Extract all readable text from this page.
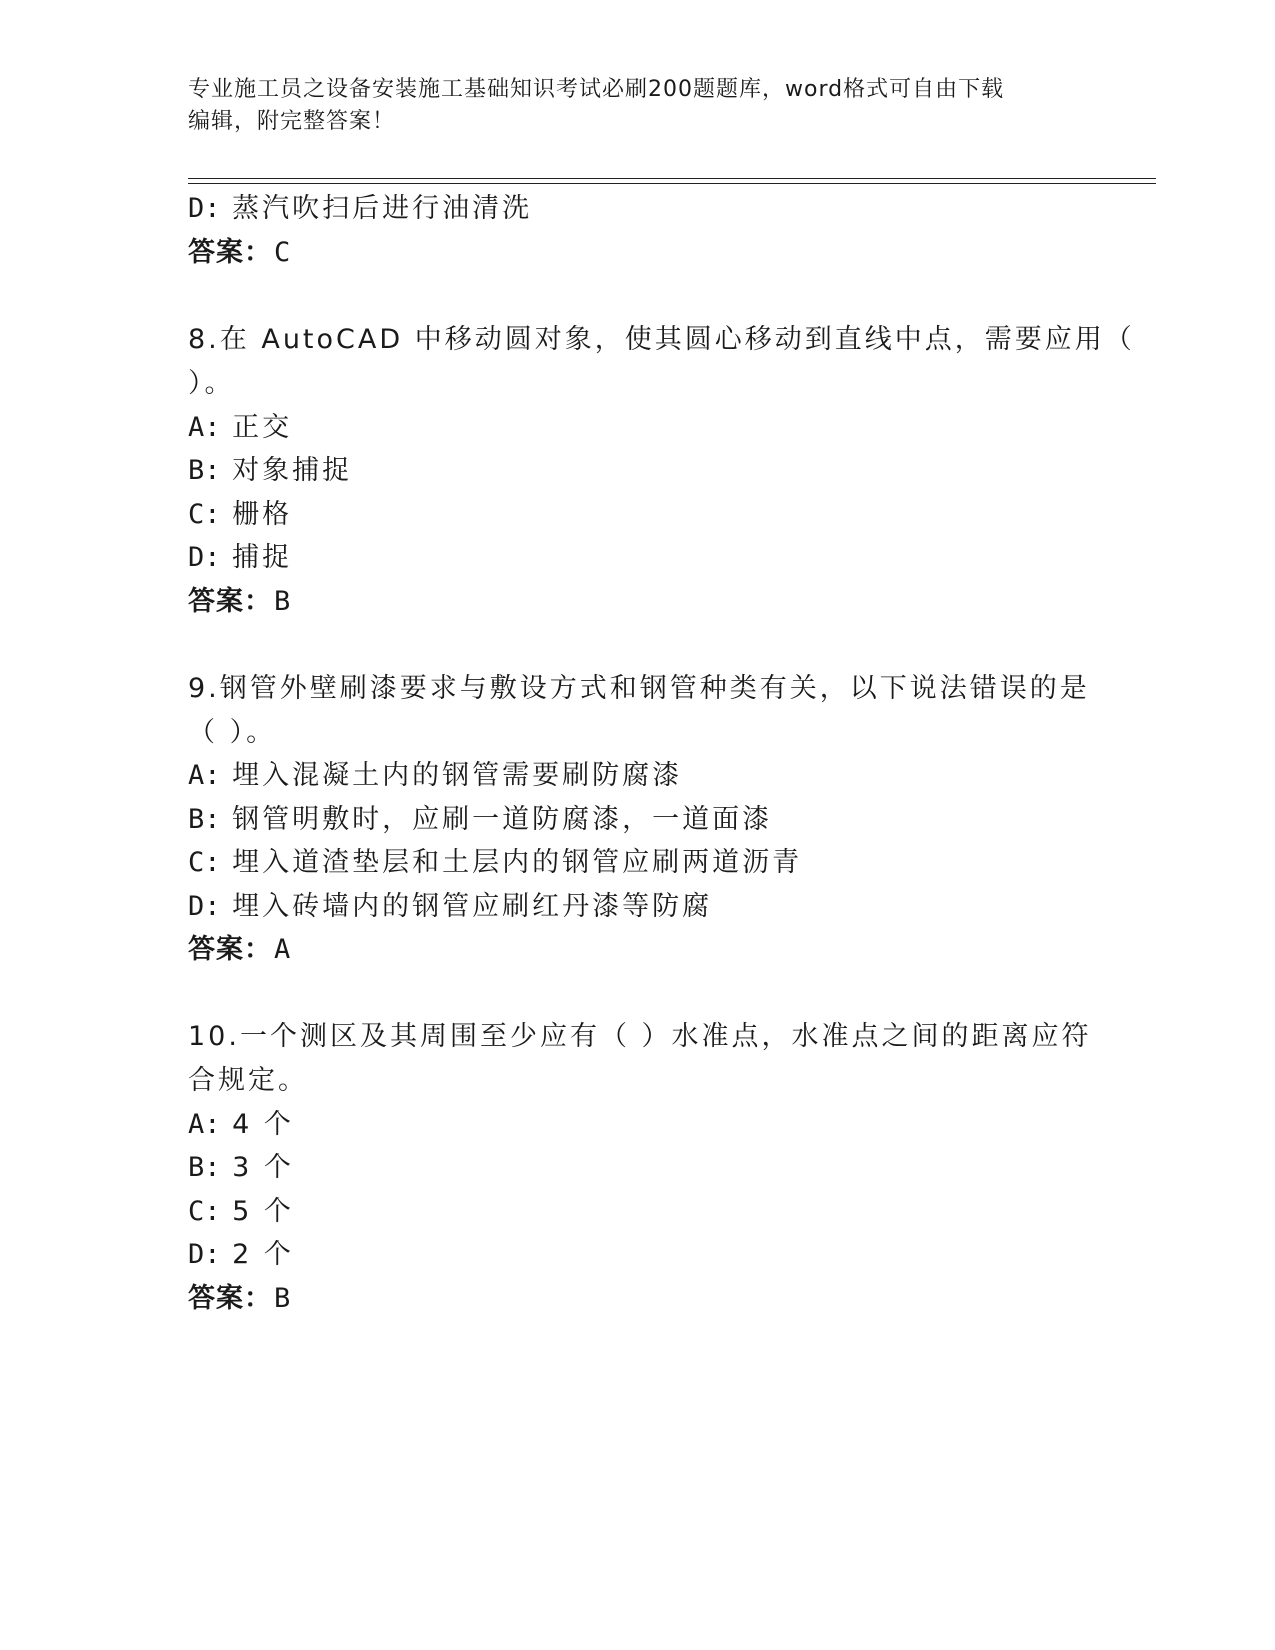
专业施工员之设备安装施工基础知识考试必刷200题题库，word格式可自由下载
编辑，附完整答案！
D: 蒸汽吹扫后进行油清洗
答案：C
8.在 AutoCAD 中移动圆对象，使其圆心移动到直线中点，需要应用（
）。
A: 正交
B: 对象捕捉
C: 栅格
D: 捕捉
答案：B
9.钢管外壁刷漆要求与敷设方式和钢管种类有关，以下说法错误的是
（ ）。
A: 埋入混凝土内的钢管需要刷防腐漆
B: 钢管明敷时，应刷一道防腐漆，一道面漆
C: 埋入道渣垫层和土层内的钢管应刷两道沥青
D: 埋入砖墙内的钢管应刷红丹漆等防腐
答案：A
10.一个测区及其周围至少应有（ ）水准点，水准点之间的距离应符
合规定。
A: 4 个
B: 3 个
C: 5 个
D: 2 个
答案：B
